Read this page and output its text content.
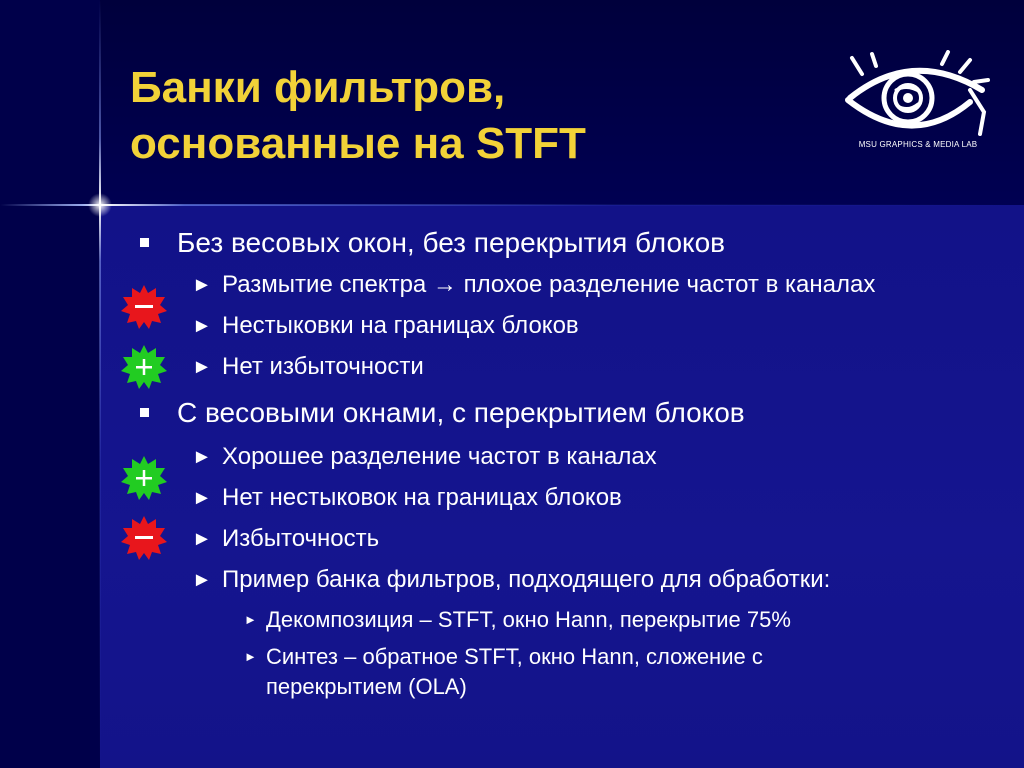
Банки фильтров,
основанные на STFT	MSU GRAPHICS & MEDIA LAB
Без весовых окон, без перекрытия блоков
► Размытие спектра → плохое разделение частот в каналах
► Нестыковки на границах блоков
► Нет избыточности
С весовыми окнами, с перекрытием блоков
► Хорошее разделение частот в каналах
► Нет нестыковок на границах блоков
► Избыточность
► Пример банка фильтров, подходящего для обработки:
► Декомпозиция – STFT, окно Hann, перекрытие 75%
► Синтез – обратное STFT, окно Hann, сложение с перекрытием (OLA)
